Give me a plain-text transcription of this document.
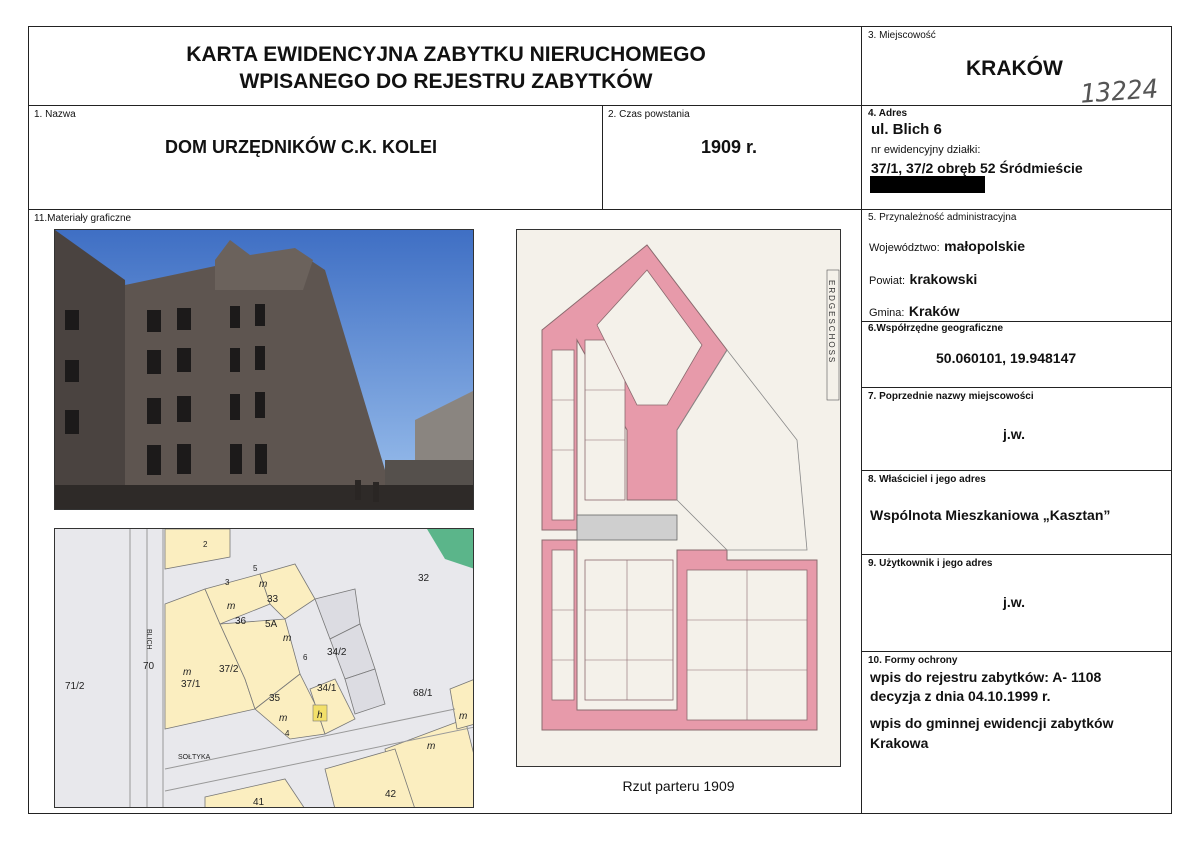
KARTA EWIDENCYJNA ZABYTKU NIERUCHOMEGO
WPISANEGO DO REJESTRU ZABYTKÓW
3. Miejscowość
KRAKÓW
13224
1. Nazwa
DOM URZĘDNIKÓW C.K. KOLEI
2. Czas powstania
1909 r.
4. Adres
ul. Blich 6
nr ewidencyjny działki:
37/1, 37/2 obręb 52 Śródmieście
11.Materiały graficzne
BLICH
SOŁTYKA
32
33
36 5A
37/2
37/1
34/2
34/1
35
70
71/2
68/1
41
42
2
3
4
5
6
m
m
m
m
m
m
m
h
ERDGESCHOSS
Rzut parteru 1909
5. Przynależność administracyjna
Województwo: małopolskie
Powiat: krakowski
Gmina: Kraków
6.Współrzędne geograficzne
50.060101, 19.948147
7. Poprzednie nazwy miejscowości
j.w.
8. Właściciel i jego adres
Wspólnota Mieszkaniowa „Kasztan”
9. Użytkownik i jego adres
j.w.
10. Formy ochrony
wpis do rejestru zabytków: A- 1108
decyzja z dnia 04.10.1999 r.
wpis do gminnej ewidencji zabytków
Krakowa
